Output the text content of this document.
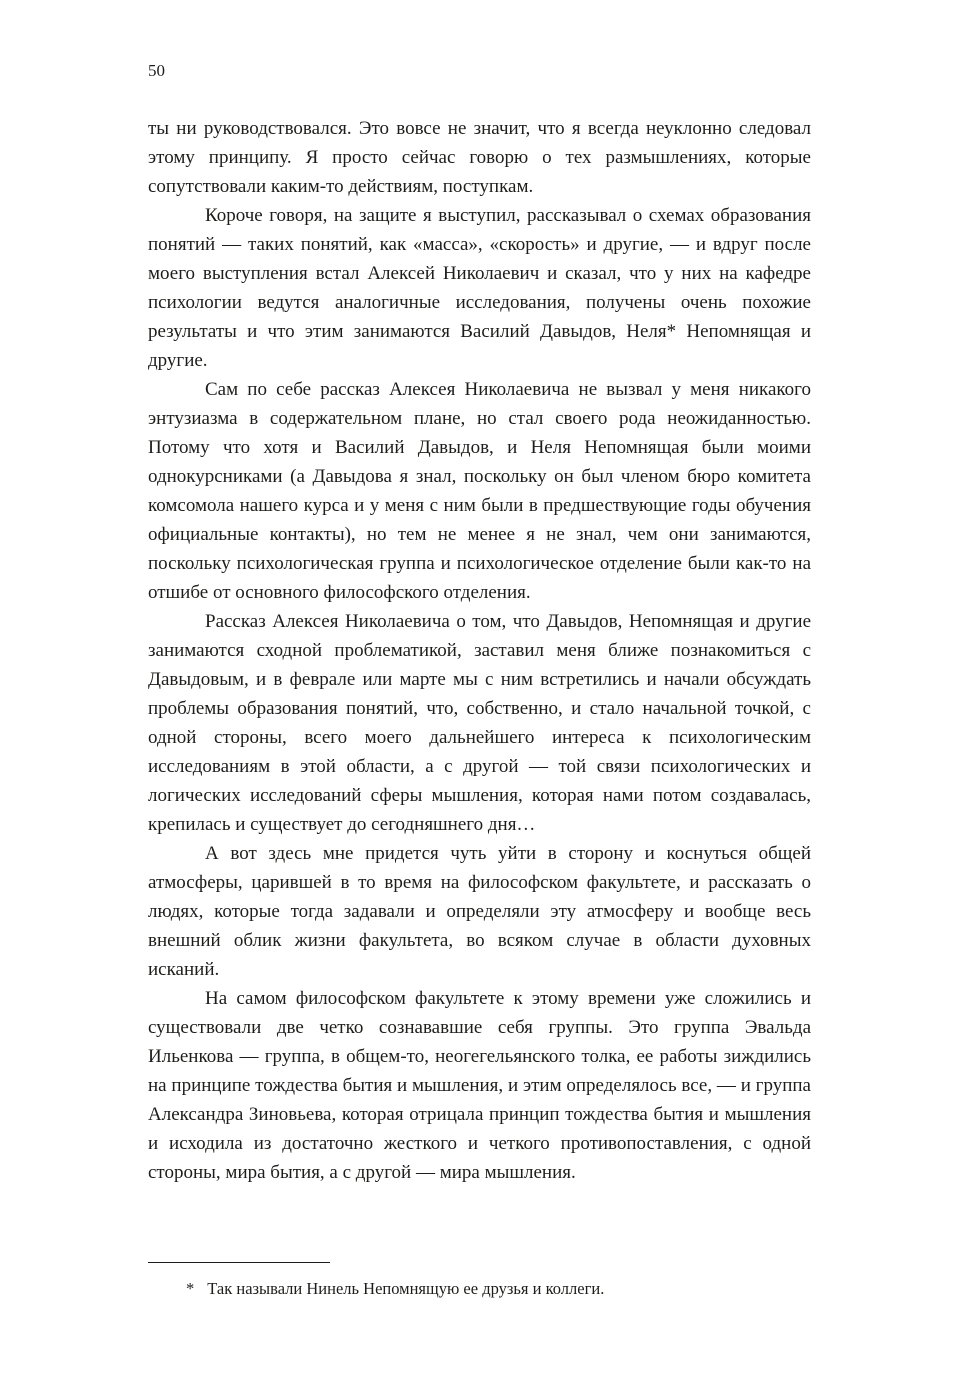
50

ты ни руководствовался. Это вовсе не значит, что я всегда неуклонно следовал этому принципу. Я просто сейчас говорю о тех размышлениях, которые сопутствовали каким-то действиям, поступкам.

Короче говоря, на защите я выступил, рассказывал о схемах образования понятий — таких понятий, как «масса», «скорость» и другие, — и вдруг после моего выступления встал Алексей Николаевич и сказал, что у них на кафедре психологии ведутся аналогичные исследования, получены очень похожие результаты и что этим занимаются Василий Давыдов, Неля* Непомнящая и другие.

Сам по себе рассказ Алексея Николаевича не вызвал у меня никакого энтузиазма в содержательном плане, но стал своего рода неожиданностью. Потому что хотя и Василий Давыдов, и Неля Непомнящая были моими однокурсниками (а Давыдова я знал, поскольку он был членом бюро комитета комсомола нашего курса и у меня с ним были в предшествующие годы обучения официальные контакты), но тем не менее я не знал, чем они занимаются, поскольку психологическая группа и психологическое отделение были как-то на отшибе от основного философского отделения.

Рассказ Алексея Николаевича о том, что Давыдов, Непомнящая и другие занимаются сходной проблематикой, заставил меня ближе познакомиться с Давыдовым, и в феврале или марте мы с ним встретились и начали обсуждать проблемы образования понятий, что, собственно, и стало начальной точкой, с одной стороны, всего моего дальнейшего интереса к психологическим исследованиям в этой области, а с другой — той связи психологических и логических исследований сферы мышления, которая нами потом создавалась, крепилась и существует до сегодняшнего дня…

А вот здесь мне придется чуть уйти в сторону и коснуться общей атмосферы, царившей в то время на философском факультете, и рассказать о людях, которые тогда задавали и определяли эту атмосферу и вообще весь внешний облик жизни факультета, во всяком случае в области духовных исканий.

На самом философском факультете к этому времени уже сложились и существовали две четко сознававшие себя группы. Это группа Эвальда Ильенкова — группа, в общем-то, неогегельянского толка, ее работы зиждились на принципе тождества бытия и мышления, и этим определялось все, — и группа Александра Зиновьева, которая отрицала принцип тождества бытия и мышления и исходила из достаточно жесткого и четкого противопоставления, с одной стороны, мира бытия, а с другой — мира мышления.

* Так называли Нинель Непомнящую ее друзья и коллеги.
